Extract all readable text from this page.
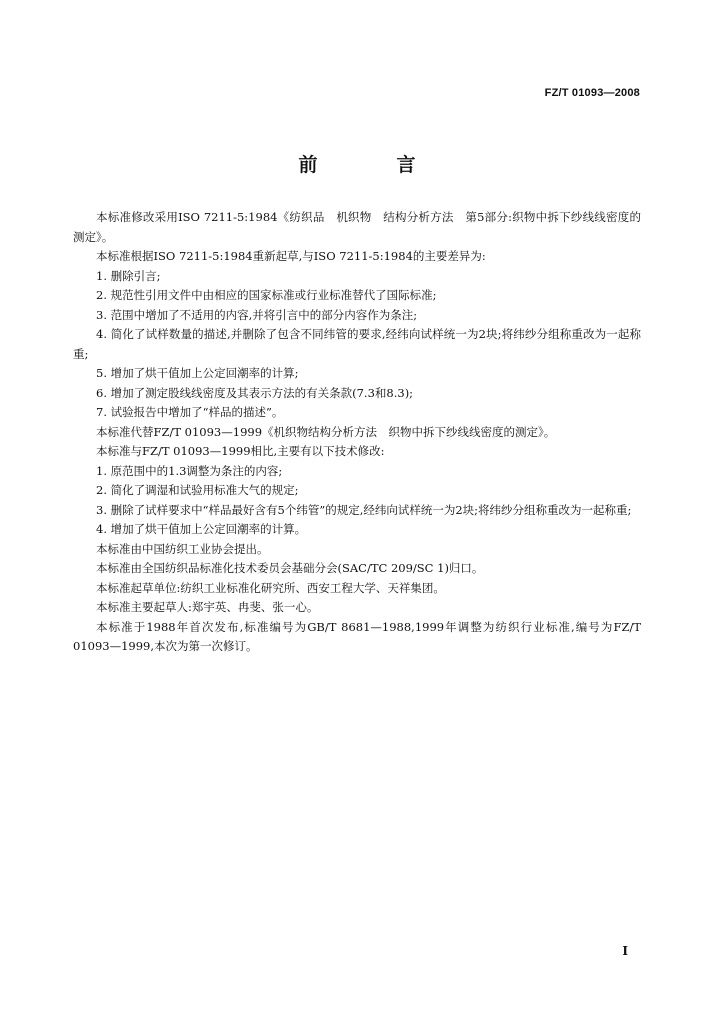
FZ/T 01093—2008
前　言

本标准修改采用ISO 7211-5:1984《纺织品　机织物　结构分析方法　第5部分:织物中拆下纱线线密度的测定》。

本标准根据ISO 7211-5:1984重新起草,与ISO 7211-5:1984的主要差异为:

1. 删除引言;

2. 规范性引用文件中由相应的国家标准或行业标准替代了国际标准;

3. 范围中增加了不适用的内容,并将引言中的部分内容作为条注;

4. 简化了试样数量的描述,并删除了包含不同纬管的要求,经纬向试样统一为2块;将纬纱分组称重改为一起称重;

5. 增加了烘干值加上公定回潮率的计算;

6. 增加了测定股线线密度及其表示方法的有关条款(7.3和8.3);

7. 试验报告中增加了“样品的描述”。

本标准代替FZ/T 01093—1999《机织物结构分析方法　织物中拆下纱线线密度的测定》。

本标准与FZ/T 01093—1999相比,主要有以下技术修改:

1. 原范围中的1.3调整为条注的内容;

2. 简化了调湿和试验用标准大气的规定;

3. 删除了试样要求中“样品最好含有5个纬管”的规定,经纬向试样统一为2块;将纬纱分组称重改为一起称重;

4. 增加了烘干值加上公定回潮率的计算。

本标准由中国纺织工业协会提出。

本标准由全国纺织品标准化技术委员会基础分会(SAC/TC 209/SC 1)归口。

本标准起草单位:纺织工业标准化研究所、西安工程大学、天祥集团。

本标准主要起草人:郑宇英、冉斐、张一心。

本标准于1988年首次发布,标准编号为GB/T 8681—1988,1999年调整为纺织行业标准,编号为FZ/T 01093—1999,本次为第一次修订。

I
